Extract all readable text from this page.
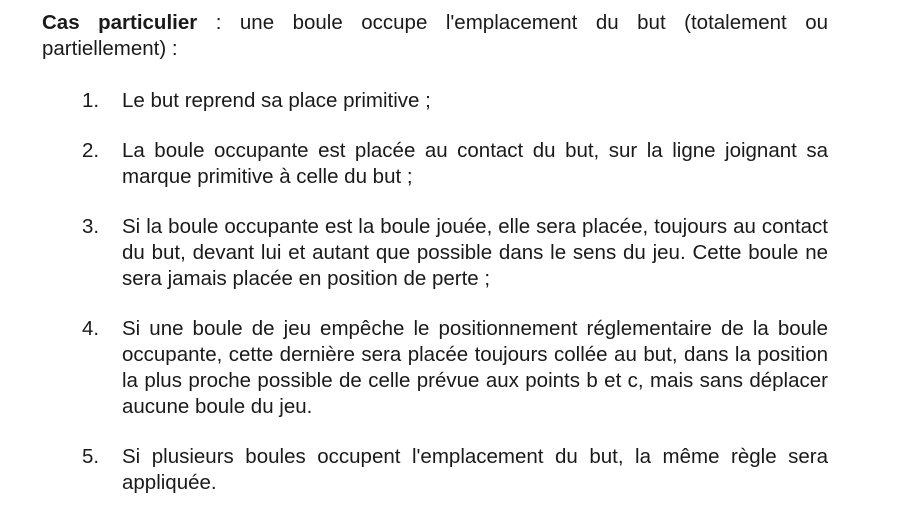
Cas particulier : une boule occupe l'emplacement du but (totalement ou partiellement) :

1.	Le but reprend sa place primitive ;
2.	La boule occupante est placée au contact du but, sur la ligne joignant sa marque primitive à celle du but ;
3.	Si la boule occupante est la boule jouée, elle sera placée, toujours au contact du but, devant lui et autant que possible dans le sens du jeu. Cette boule ne sera jamais placée en position de perte ;
4.	Si une boule de jeu empêche le positionnement réglementaire de la boule occupante, cette dernière sera placée toujours collée au but, dans la position la plus proche possible de celle prévue aux points b et c, mais sans déplacer aucune boule du jeu.
5.	Si plusieurs boules occupent l'emplacement du but, la même règle sera appliquée.
